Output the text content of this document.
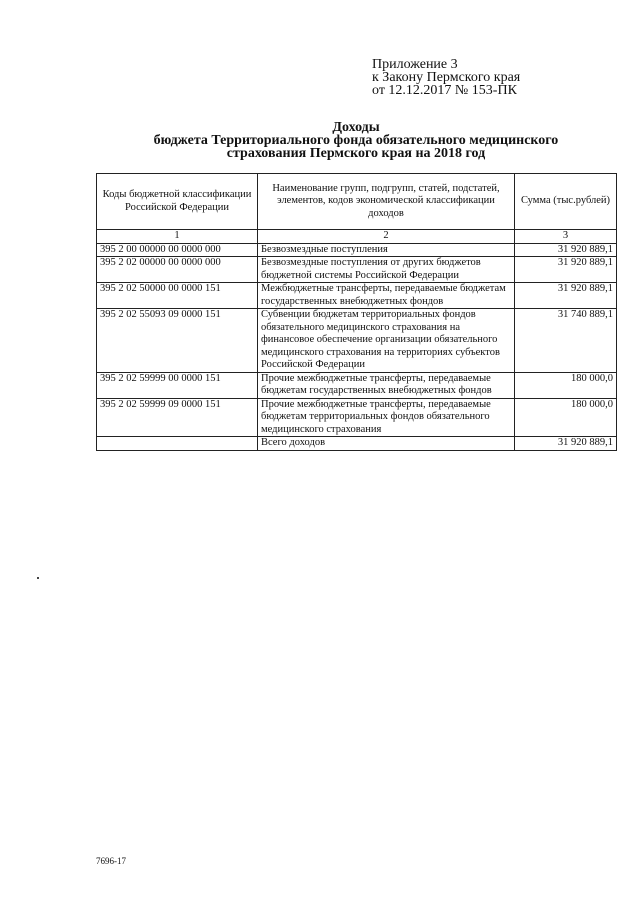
Приложение 3
к Закону Пермского края
от 12.12.2017 № 153-ПК
Доходы
бюджета Территориального фонда обязательного медицинского
страхования Пермского края на 2018 год
Коды бюджетной классификации Российской Федерации	Наименование групп, подгрупп, статей, подстатей, элементов, кодов экономической классификации доходов	Сумма (тыс.рублей)
1	2	3
395 2 00 00000 00 0000 000	Безвозмездные поступления	31 920 889,1
395 2 02 00000 00 0000 000	Безвозмездные поступления от других бюджетов бюджетной системы Российской Федерации	31 920 889,1
395 2 02 50000 00 0000 151	Межбюджетные трансферты, передаваемые бюджетам государственных внебюджетных фондов	31 920 889,1
395 2 02 55093 09 0000 151	Субвенции бюджетам территориальных фондов обязательного медицинского страхования на финансовое обеспечение организации обязательного медицинского страхования на территориях субъектов Российской Федерации	31 740 889,1
395 2 02 59999 00 0000 151	Прочие межбюджетные трансферты, передаваемые бюджетам государственных внебюджетных фондов	180 000,0
395 2 02 59999 09 0000 151	Прочие межбюджетные трансферты, передаваемые бюджетам территориальных фондов обязательного медицинского страхования	180 000,0
	Всего доходов	31 920 889,1
7696-17
